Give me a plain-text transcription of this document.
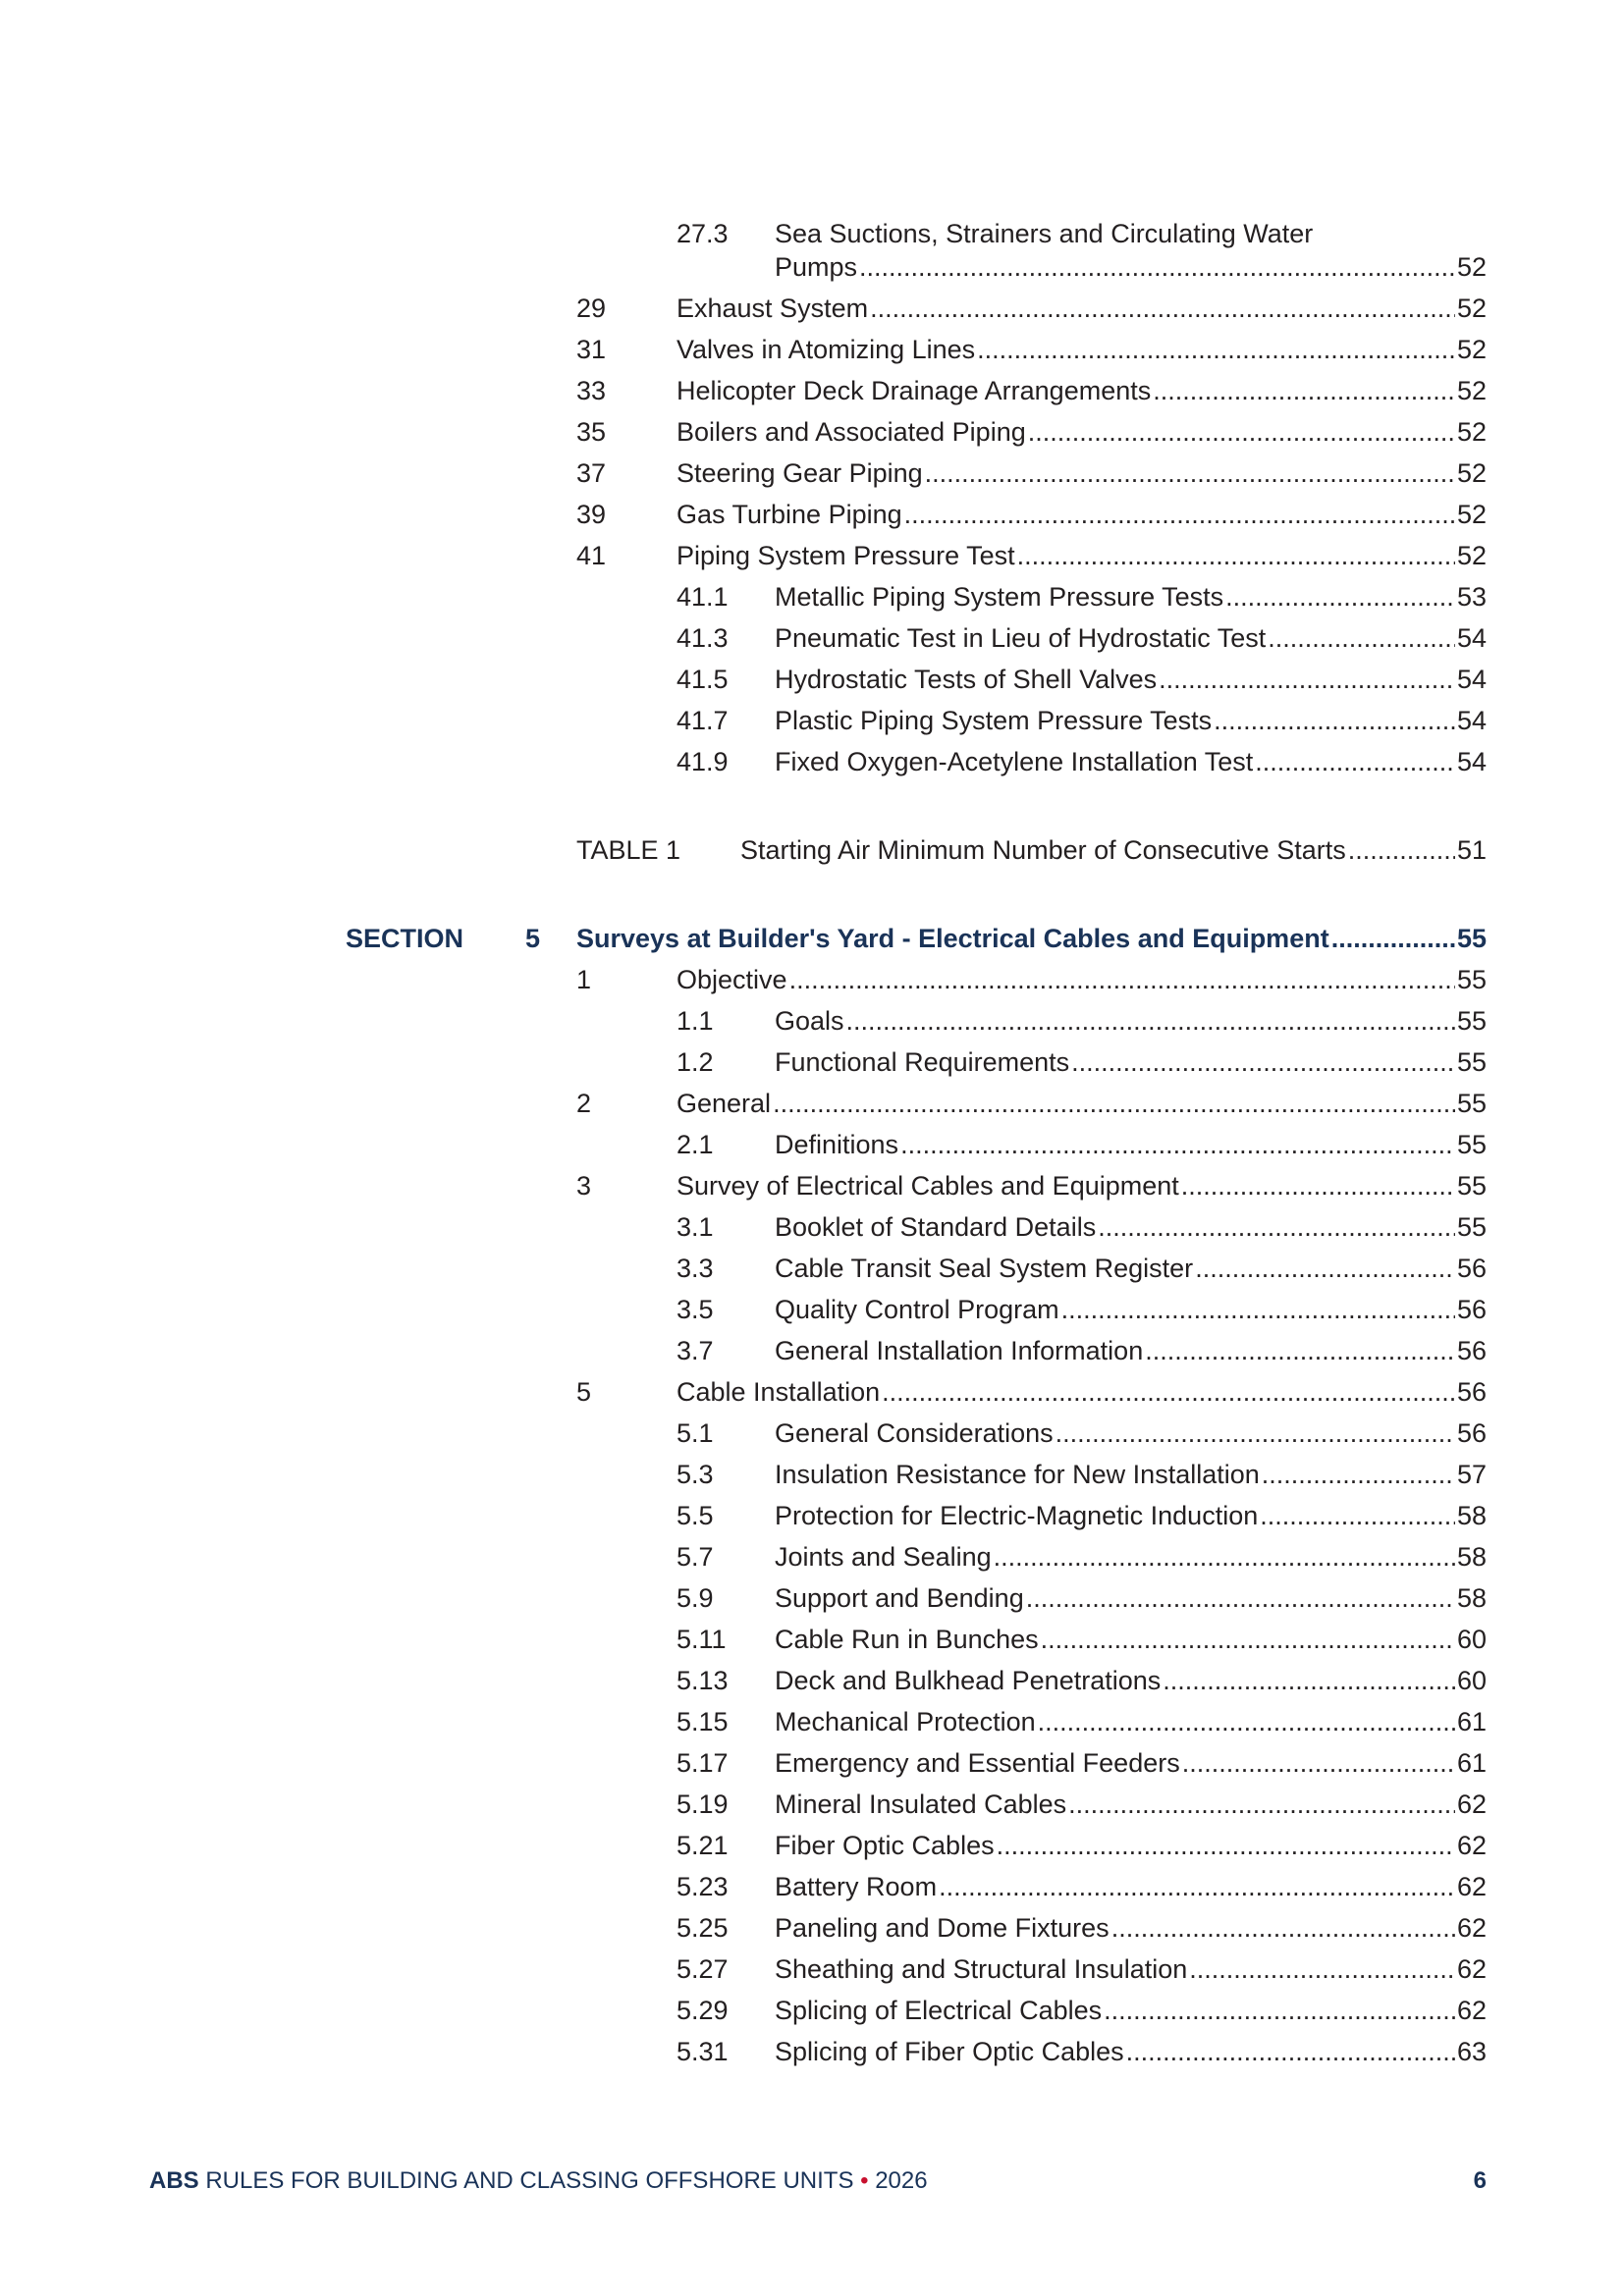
27.3 Sea Suctions, Strainers and Circulating Water
Pumps .....	52
29	Exhaust System .....	52
31	Valves in Atomizing Lines .....	52
33	Helicopter Deck Drainage Arrangements .....	52
35	Boilers and Associated Piping .....	52
37	Steering Gear Piping .....	52
39	Gas Turbine Piping .....	52
41	Piping System Pressure Test .....	52
41.1 Metallic Piping System Pressure Tests .....	53
41.3 Pneumatic Test in Lieu of Hydrostatic Test .....	54
41.5 Hydrostatic Tests of Shell Valves .....	54
41.7 Plastic Piping System Pressure Tests .....	54
41.9 Fixed Oxygen-Acetylene Installation Test .....	54
TABLE 1 Starting Air Minimum Number of Consecutive Starts .....	51
SECTION 5 Surveys at Builder's Yard - Electrical Cables and Equipment .....	55
1	Objective .....	55
1.1 Goals .....	55
1.2 Functional Requirements .....	55
2	General .....	55
2.1 Definitions .....	55
3	Survey of Electrical Cables and Equipment .....	55
3.1 Booklet of Standard Details .....	55
3.3 Cable Transit Seal System Register .....	56
3.5 Quality Control Program .....	56
3.7 General Installation Information .....	56
5	Cable Installation .....	56
5.1 General Considerations .....	56
5.3 Insulation Resistance for New Installation .....	57
5.5 Protection for Electric-Magnetic Induction .....	58
5.7 Joints and Sealing .....	58
5.9 Support and Bending .....	58
5.11 Cable Run in Bunches .....	60
5.13 Deck and Bulkhead Penetrations .....	60
5.15 Mechanical Protection .....	61
5.17 Emergency and Essential Feeders .....	61
5.19 Mineral Insulated Cables .....	62
5.21 Fiber Optic Cables .....	62
5.23 Battery Room .....	62
5.25 Paneling and Dome Fixtures .....	62
5.27 Sheathing and Structural Insulation .....	62
5.29 Splicing of Electrical Cables .....	62
5.31 Splicing of Fiber Optic Cables .....	63
ABS RULES FOR BUILDING AND CLASSING OFFSHORE UNITS • 2026	6
